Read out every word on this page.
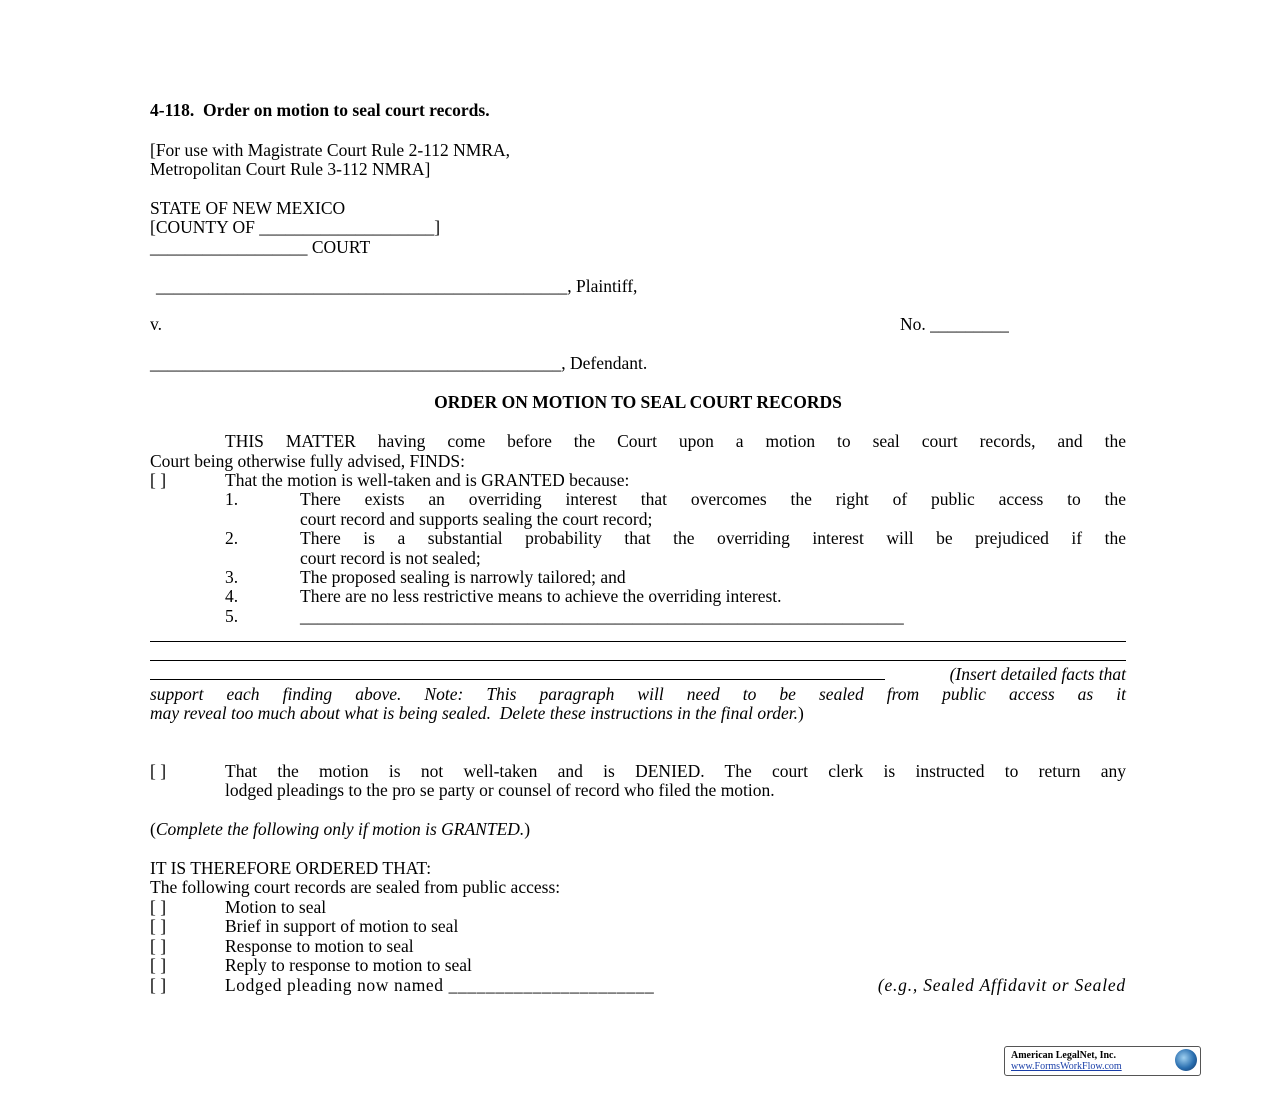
4-118.  Order on motion to seal court records.
[For use with Magistrate Court Rule 2-112 NMRA,
Metropolitan Court Rule 3-112 NMRA]
STATE OF NEW MEXICO
[COUNTY OF ____________________]
__________________ COURT
_______________________________________________, Plaintiff,
v.	No. _________
_______________________________________________, Defendant.
ORDER ON MOTION TO SEAL COURT RECORDS
THIS MATTER having come before the Court upon a motion to seal court records, and the
Court being otherwise fully advised, FINDS:
[ ]	That the motion is well-taken and is GRANTED because:
1.	There exists an overriding interest that overcomes the right of public access to the
court record and supports sealing the court record;
2.	There is a substantial probability that the overriding interest will be prejudiced if the
court record is not sealed;
3.	The proposed sealing is narrowly tailored; and
4.	There are no less restrictive means to achieve the overriding interest.
5.	_____________________________________________________________________
(Insert detailed facts that
support each finding above. Note: This paragraph will need to be sealed from public access as it
may reveal too much about what is being sealed.  Delete these instructions in the final order.)
[ ]	That the motion is not well-taken and is DENIED. The court clerk is instructed to return any
lodged pleadings to the pro se party or counsel of record who filed the motion.
(Complete the following only if motion is GRANTED.)
IT IS THEREFORE ORDERED THAT:
The following court records are sealed from public access:
[ ]	Motion to seal
[ ]	Brief in support of motion to seal
[ ]	Response to motion to seal
[ ]	Reply to response to motion to seal
[ ]	Lodged pleading now named ______________________	(e.g., Sealed Affidavit or Sealed
American LegalNet, Inc.
www.FormsWorkFlow.com
